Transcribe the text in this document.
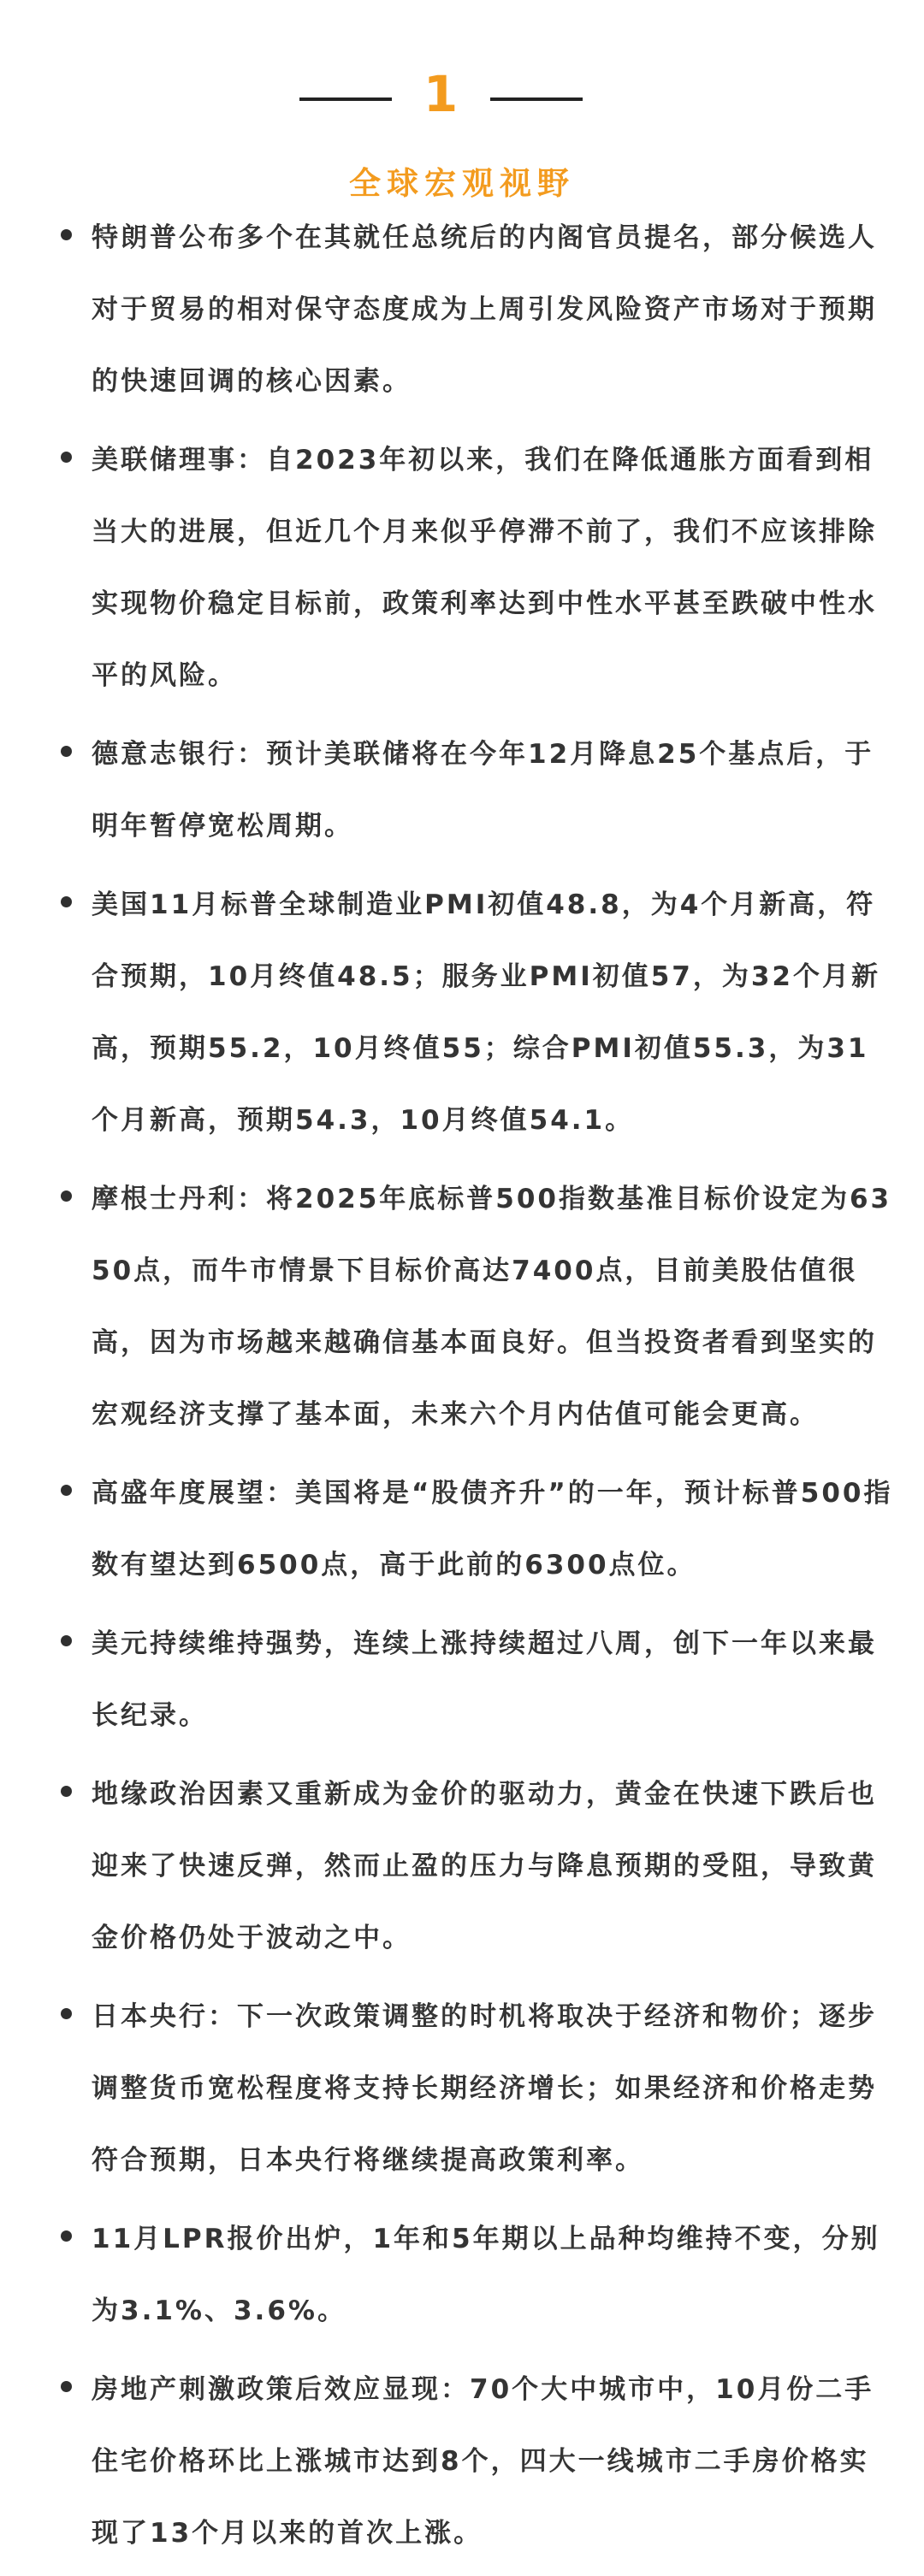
1
全球宏观视野
特朗普公布多个在其就任总统后的内阁官员提名，部分候选人对于贸易的相对保守态度成为上周引发风险资产市场对于预期的快速回调的核心因素。
美联储理事：自2023年初以来，我们在降低通胀方面看到相当大的进展，但近几个月来似乎停滞不前了，我们不应该排除实现物价稳定目标前，政策利率达到中性水平甚至跌破中性水平的风险。
德意志银行：预计美联储将在今年12月降息25个基点后，于明年暂停宽松周期。
美国11月标普全球制造业PMI初值48.8，为4个月新高，符合预期，10月终值48.5；服务业PMI初值57，为32个月新高，预期55.2，10月终值55；综合PMI初值55.3，为31个月新高，预期54.3，10月终值54.1。
摩根士丹利：将2025年底标普500指数基准目标价设定为6350点，而牛市情景下目标价高达7400点，目前美股估值很高，因为市场越来越确信基本面良好。但当投资者看到坚实的宏观经济支撑了基本面，未来六个月内估值可能会更高。
高盛年度展望：美国将是“股债齐升”的一年，预计标普500指数有望达到6500点，高于此前的6300点位。
美元持续维持强势，连续上涨持续超过八周，创下一年以来最长纪录。
地缘政治因素又重新成为金价的驱动力，黄金在快速下跌后也迎来了快速反弹，然而止盈的压力与降息预期的受阻，导致黄金价格仍处于波动之中。
日本央行：下一次政策调整的时机将取决于经济和物价；逐步调整货币宽松程度将支持长期经济增长；如果经济和价格走势符合预期，日本央行将继续提高政策利率。
11月LPR报价出炉，1年和5年期以上品种均维持不变，分别为3.1%、3.6%。
房地产刺激政策后效应显现：70个大中城市中，10月份二手住宅价格环比上涨城市达到8个，四大一线城市二手房价格实现了13个月以来的首次上涨。
